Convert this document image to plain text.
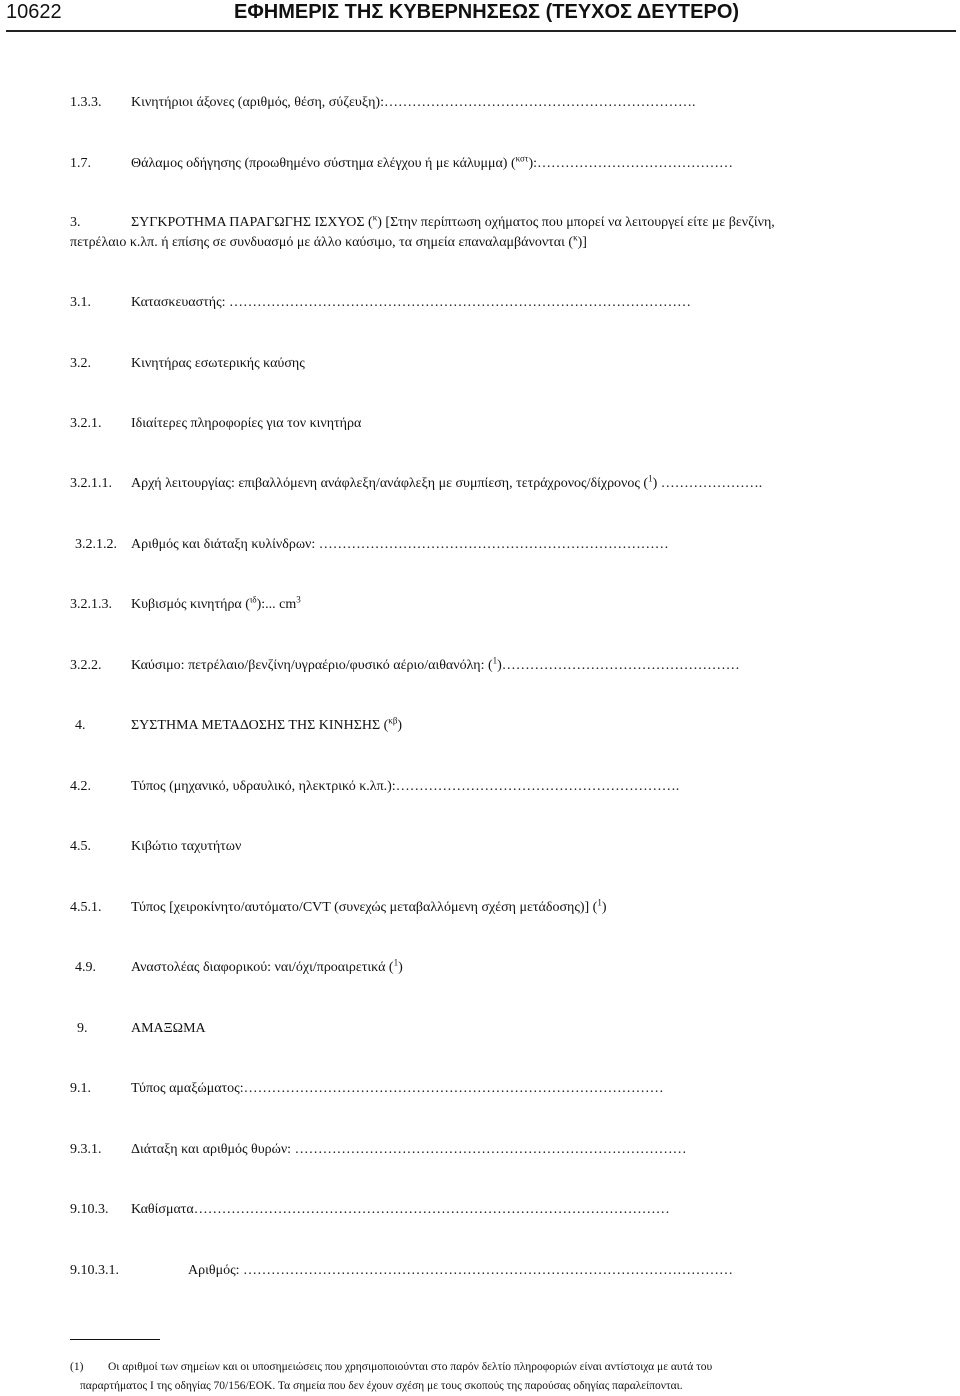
10622	ΕΦΗΜΕΡΙΣ ΤΗΣ ΚΥΒΕΡΝΗΣΕΩΣ (ΤΕΥΧΟΣ ΔΕΥΤΕΡΟ)
1.3.3. Κινητήριοι άξονες (αριθμός, θέση, σύζευξη):………………………………………………………….
1.7.	Θάλαμος οδήγησης (προωθημένο σύστημα ελέγχου ή με κάλυμμα) ($^{\kappa\sigma\tau}$):……………………………………
3.	ΣΥΓΚΡΟΤΗΜΑ ΠΑΡΑΓΩΓΗΣ ΙΣΧΥΟΣ ($^\kappa$) [Στην περίπτωση οχήματος που μπορεί να λειτουργεί είτε με βενζίνη,
πετρέλαιο κ.λπ. ή επίσης σε συνδυασμό με άλλο καύσιμο, τα σημεία επαναλαμβάνονται ($^\kappa$)]
3.1.	Κατασκευαστής: ………………………………………………………………………………………
3.2.	Κινητήρας εσωτερικής καύσης
3.2.1. Ιδιαίτερες πληροφορίες για τον κινητήρα
3.2.1.1. Αρχή λειτουργίας: επιβαλλόμενη ανάφλεξη/ανάφλεξη με συμπίεση, τετράχρονος/δίχρονος ($^1$) ………………….
3.2.1.2. Αριθμός και διάταξη κυλίνδρων: …………………………………………………………………
3.2.1.3. Κυβισμός κινητήρα ($^{\iota\delta}$):... $cm^3$
3.2.2. Καύσιμο: πετρέλαιο/βενζίνη/υγραέριο/φυσικό αέριο/αιθανόλη: ($^1$)……………………………………………
4.	ΣΥΣΤΗΜΑ ΜΕΤΑΔΟΣΗΣ ΤΗΣ ΚΙΝΗΣΗΣ ($^{\kappa\beta}$)
4.2.	Τύπος (μηχανικό, υδραυλικό, ηλεκτρικό κ.λπ.):…………………………………………………….
4.5.	Κιβώτιο ταχυτήτων
4.5.1. Τύπος [χειροκίνητο/αυτόματο/CVT (συνεχώς μεταβαλλόμενη σχέση μετάδοσης)] ($^1$)
4.9.	Αναστολέας διαφορικού: ναι/όχι/προαιρετικά ($^1$)
9.	ΑΜΑΞΩΜΑ
9.1.	Τύπος αμαξώματος:………………………………………………………………………………
9.3.1. Διάταξη και αριθμός θυρών: …………………………………………………………………………
9.10.3. Καθίσματα…………………………………………………………………………………………
9.10.3.1.	Αριθμός: ……………………………………………………………………………………………
(1) Οι αριθμοί των σημείων και οι υποσημειώσεις που χρησιμοποιούνται στο παρόν δελτίο πληροφοριών είναι αντίστοιχα με αυτά του
παραρτήματος I της οδηγίας 70/156/ΕΟΚ. Τα σημεία που δεν έχουν σχέση με τους σκοπούς της παρούσας οδηγίας παραλείπονται.
